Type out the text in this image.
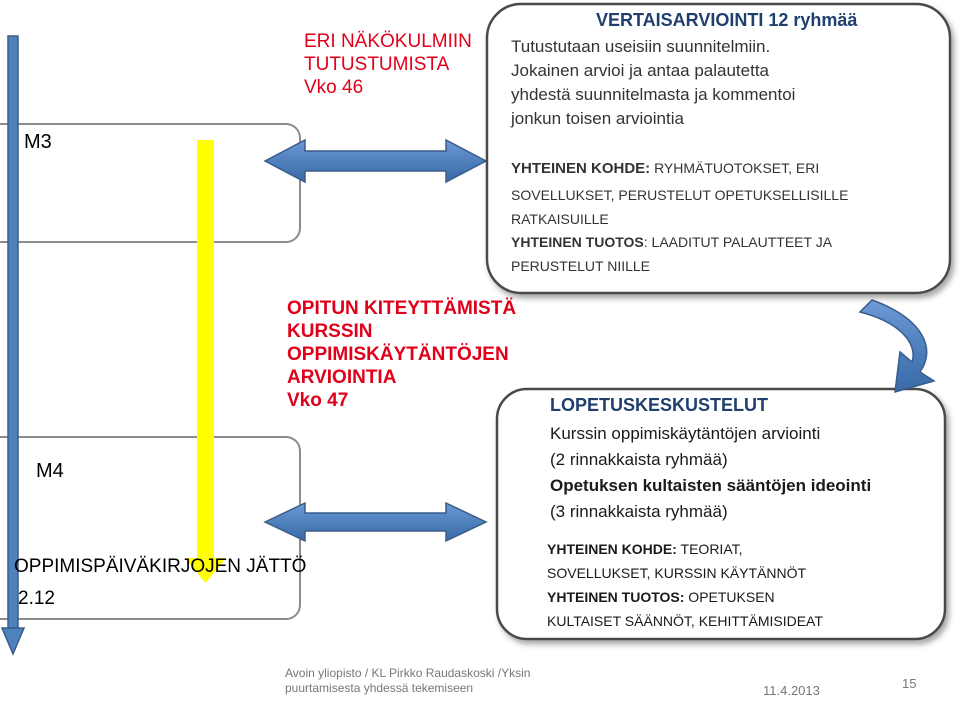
M3
M4
OPPIMISPÄIVÄKIRJOJEN JÄTTÖ
2.12
ERI NÄKÖKULMIIN
TUTUSTUMISTA
Vko 46
OPITUN KITEYTTÄMISTÄ
KURSSIN
OPPIMISKÄYTÄNTÖJEN
ARVIOINTIA
Vko 47
VERTAISARVIOINTI 12 ryhmää
Tutustutaan useisiin suunnitelmiin.
Jokainen arvioi ja antaa palautetta
yhdestä suunnitelmasta ja kommentoi
jonkun toisen arviointia
YHTEINEN KOHDE: RYHMÄTUOTOKSET, ERI
SOVELLUKSET, PERUSTELUT OPETUKSELLISILLE
RATKAISUILLE
YHTEINEN TUOTOS: LAADITUT PALAUTTEET JA
PERUSTELUT NIILLE
LOPETUSKESKUSTELUT
Kurssin oppimiskäytäntöjen arviointi
(2 rinnakkaista ryhmää)
Opetuksen kultaisten sääntöjen ideointi
(3 rinnakkaista ryhmää)
YHTEINEN KOHDE: TEORIAT,
SOVELLUKSET, KURSSIN KÄYTÄNNÖT
YHTEINEN TUOTOS: OPETUKSEN
KULTAISET SÄÄNNÖT, KEHITTÄMISIDEAT
Avoin yliopisto / KL Pirkko Raudaskoski /Yksin
puurtamisesta yhdessä tekemiseen	11.4.2013	15
